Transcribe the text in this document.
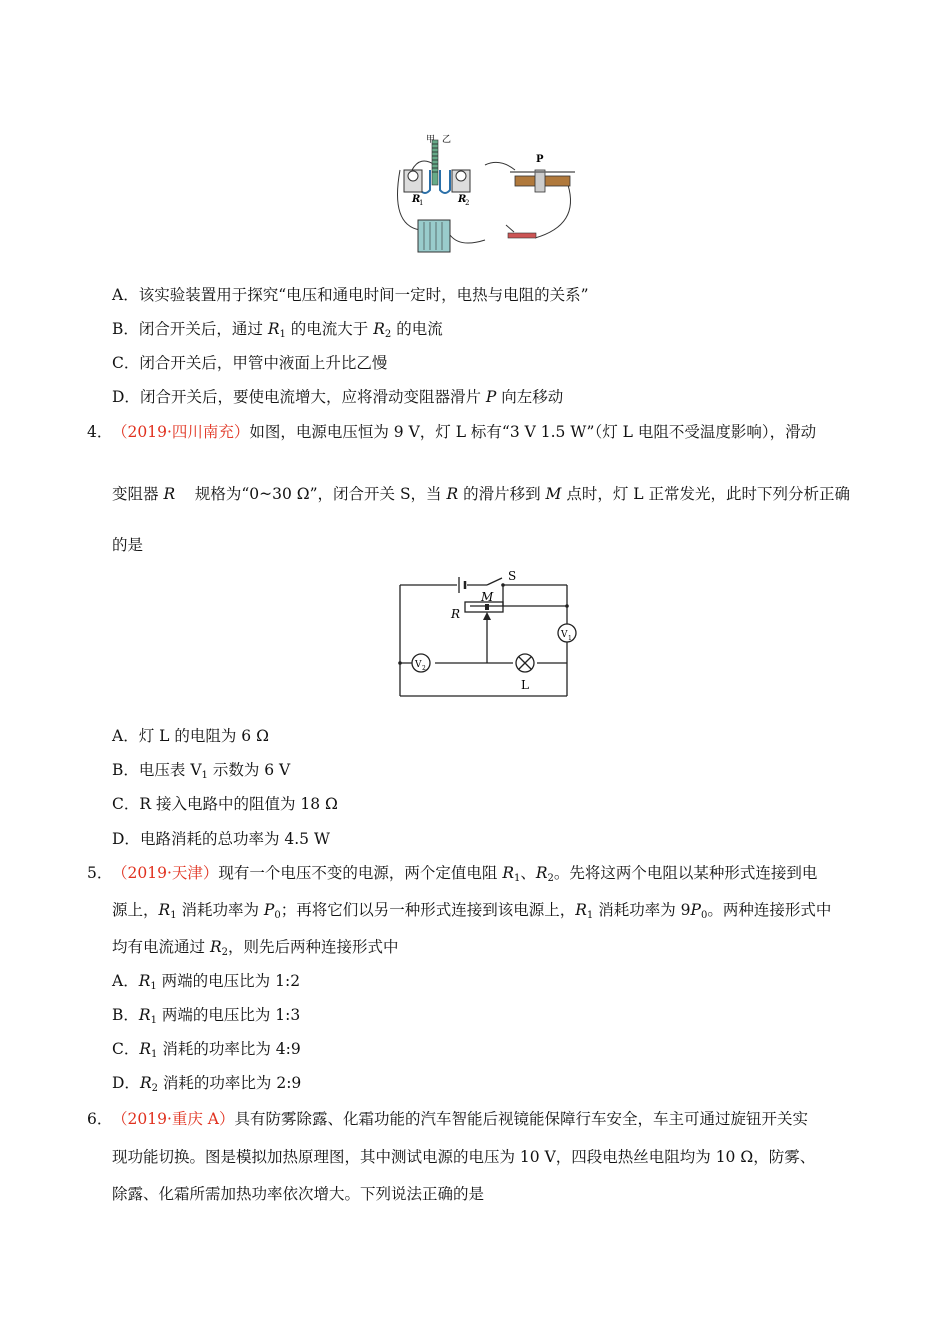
甲 乙
R
1	R
2
P
A．该实验装置用于探究“电压和通电时间一定时，电热与电阻的关系”
B．闭合开关后，通过 $R_1$ 的电流大于 $R_2$ 的电流
C．闭合开关后，甲管中液面上升比乙慢
D．闭合开关后，要使电流增大，应将滑动变阻器滑片 P 向左移动
4． （2019·四川南充）如图，电源电压恒为 9 V，灯 L 标有“3 V 1.5 W”（灯 L 电阻不受温度影响），滑动
变阻器 R    规格为“0~30 Ω”，闭合开关 S，当 R 的滑片移到 M 点时，灯 L 正常发光，此时下列分析正确
的是
S
M
R
V 1
V 2
L
A．灯 L 的电阻为 6 Ω
B．电压表 $V_1$ 示数为 6 V
C．R 接入电路中的阻值为 18 Ω
D．电路消耗的总功率为 4.5 W
5． （2019·天津）现有一个电压不变的电源，两个定值电阻 $R_1$、$R_2$。先将这两个电阻以某种形式连接到电
源上，$R_1$ 消耗功率为 $P_0$；再将它们以另一种形式连接到该电源上，$R_1$ 消耗功率为 $9P_0$。两种连接形式中
均有电流通过 $R_2$，则先后两种连接形式中
A．$R_1$ 两端的电压比为 1:2
B．$R_1$ 两端的电压比为 1:3
C．$R_1$ 消耗的功率比为 4:9
D．$R_2$ 消耗的功率比为 2:9
6． （2019·重庆 A）具有防雾除露、化霜功能的汽车智能后视镜能保障行车安全，车主可通过旋钮开关实
现功能切换。图是模拟加热原理图，其中测试电源的电压为 10 V，四段电热丝电阻均为 10 Ω，防雾、
除露、化霜所需加热功率依次增大。下列说法正确的是
